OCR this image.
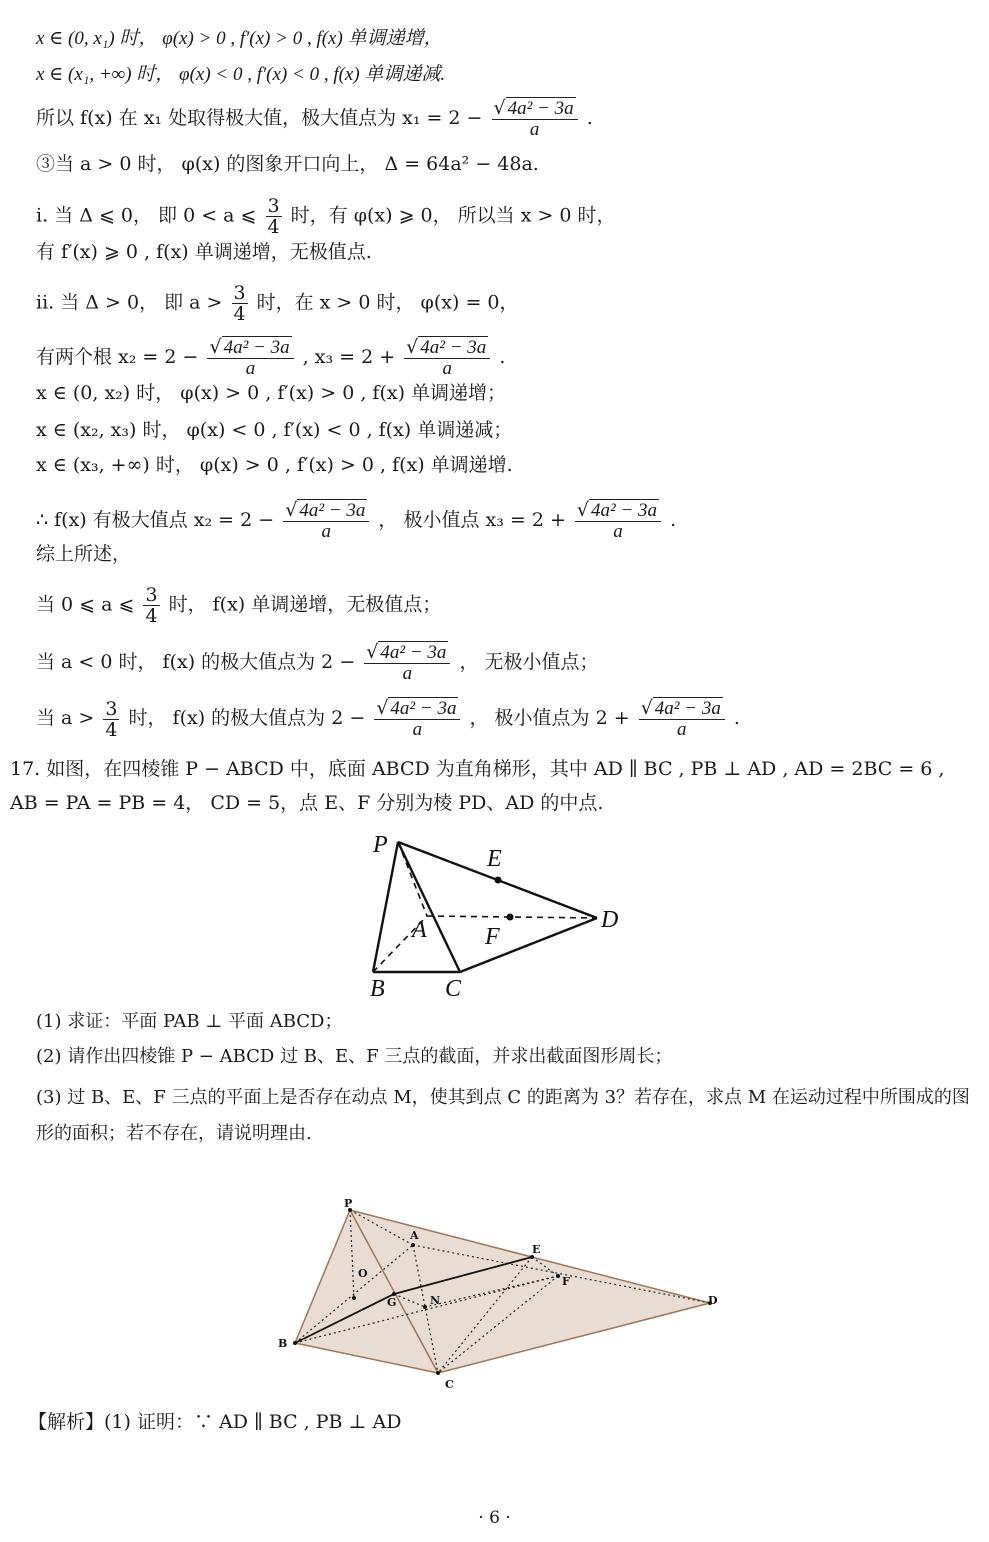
x ∈ (0, x₁) 时， φ(x) > 0 , f′(x) > 0 , f(x) 单调递增，
x ∈ (x₁, +∞) 时， φ(x) < 0 , f′(x) < 0 , f(x) 单调递减.
所以 f(x) 在 x₁ 处取得极大值，极大值点为 $x_1 = 2 - \frac{\text{√ 4a² − 3a}}{a}$ .
③当 a > 0 时， φ(x) 的图象开口向上， Δ = 64a² − 48a.
i. 当 Δ ⩽ 0， 即 0 < a ⩽ $\frac{3}{4}$ 时，有 φ(x) ⩾ 0， 所以当 x > 0 时，
有 f′(x) ⩾ 0 , f(x) 单调递增，无极值点.
ii. 当 Δ > 0， 即 $a > \frac{3}{4}$ 时，在 x > 0 时， φ(x) = 0，
有两个根 $x_2 = 2 - \frac{\text{√ 4a² − 3a}}{a}$ , $x_3 = 2 + \frac{\text{√ 4a² − 3a}}{a}$ .
x ∈ (0, x₂) 时， φ(x) > 0 , f′(x) > 0 , f(x) 单调递增；
x ∈ (x₂, x₃) 时， φ(x) < 0 , f′(x) < 0 , f(x) 单调递减；
x ∈ (x₃, +∞) 时， φ(x) > 0 , f′(x) > 0 , f(x) 单调递增.
∴ f(x) 有极大值点 $x_2 = 2 - \frac{\text{√ 4a² − 3a}}{a}$ ， 极小值点 $x_3 = 2 + \frac{\text{√ 4a² − 3a}}{a}$ .
综上所述，
当 0 ⩽ a ⩽ $\frac{3}{4}$ 时， f(x) 单调递增，无极值点；
当 a < 0 时， f(x) 的极大值点为 $2 - \frac{\text{√ 4a² − 3a}}{a}$ ， 无极小值点；
当 $a > \frac{3}{4}$ 时， f(x) 的极大值点为 $2 - \frac{\text{√ 4a² − 3a}}{a}$ ， 极小值点为 $2 + \frac{\text{√ 4a² − 3a}}{a}$ .
17. 如图，在四棱锥 P − ABCD 中，底面 ABCD 为直角梯形，其中 AD ∥ BC , PB ⊥ AD , AD = 2BC = 6 , AB = PA = PB = 4， CD = 5，点 E、F 分别为棱 PD、AD 的中点.
P
E
A F
D
B	C
(1) 求证：平面 PAB ⊥ 平面 ABCD；
(2) 请作出四棱锥 P − ABCD 过 B、E、F 三点的截面，并求出截面图形周长；
(3) 过 B、E、F 三点的平面上是否存在动点 M，使其到点 C 的距离为 3？若存在，求点 M 在运动过程中所围成的图形的面积；若不存在，请说明理由.
P
A
E
O
F
G	N	D
B
C
【解析】(1) 证明：∵ AD ∥ BC , PB ⊥ AD
· 6 ·
